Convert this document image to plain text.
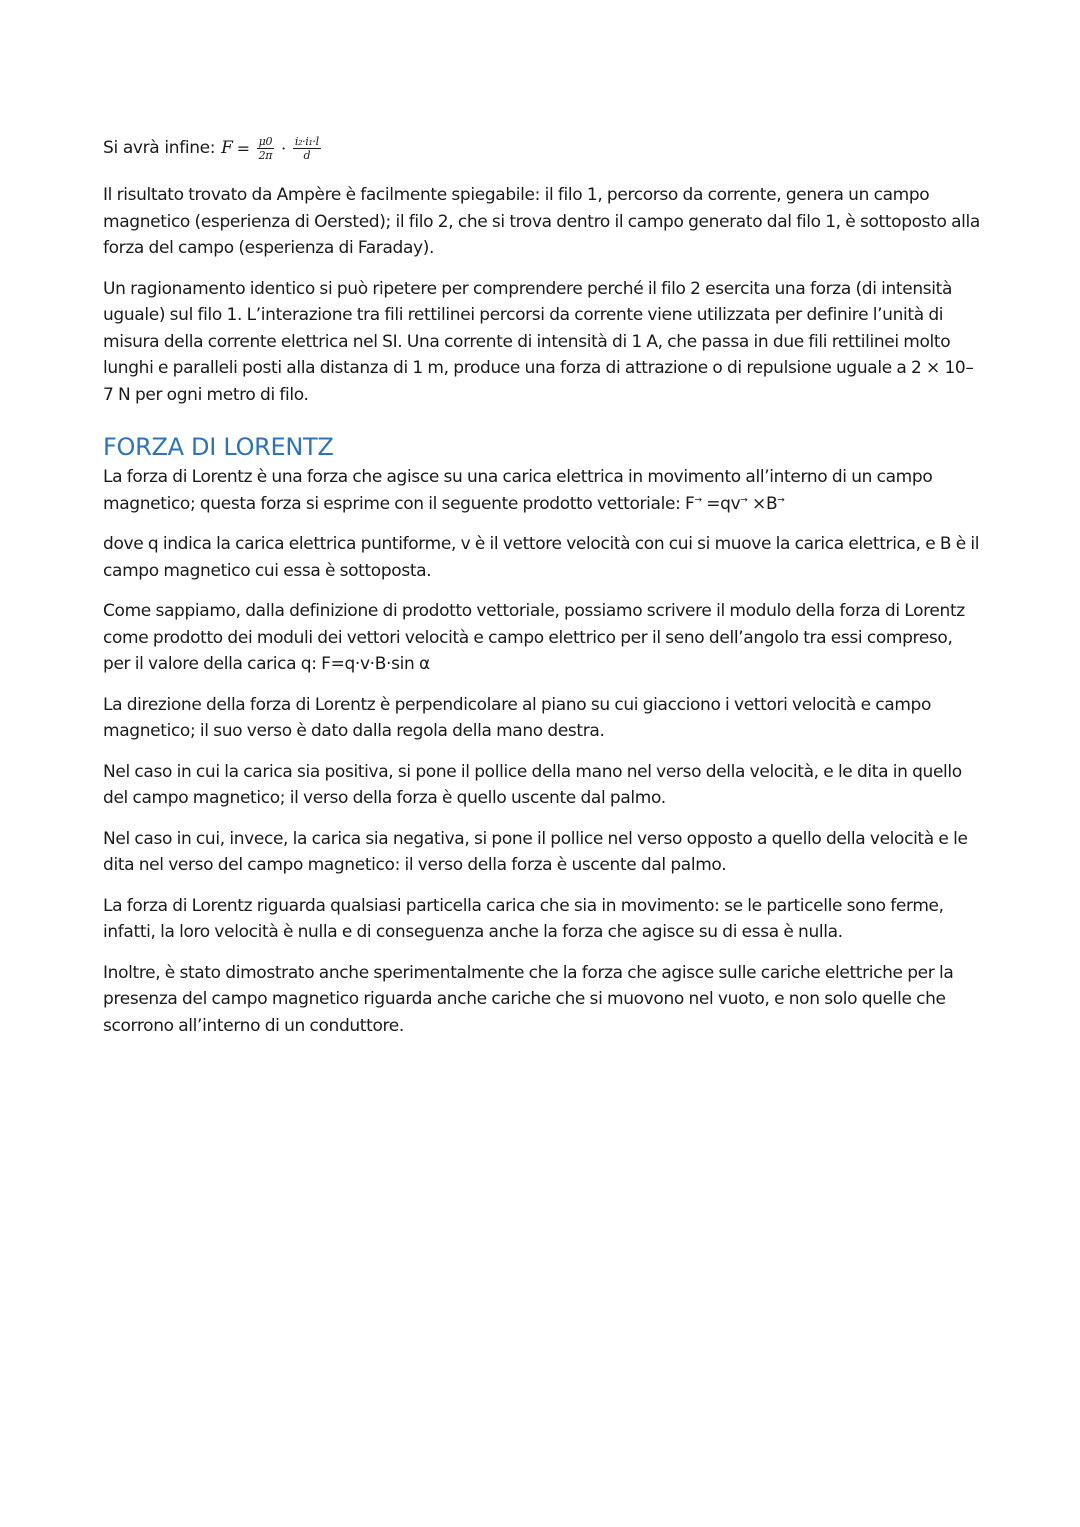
Si avrà infine: $F = \frac{\mu 0}{2\pi} \cdot \frac{\text{i₂·i₁·l}}{d}$

Il risultato trovato da Ampère è facilmente spiegabile: il filo 1, percorso da corrente, genera un campo magnetico (esperienza di Oersted); il filo 2, che si trova dentro il campo generato dal filo 1, è sottoposto alla forza del campo (esperienza di Faraday).

Un ragionamento identico si può ripetere per comprendere perché il filo 2 esercita una forza (di intensità uguale) sul filo 1. L’interazione tra fili rettilinei percorsi da corrente viene utilizzata per definire l’unità di misura della corrente elettrica nel SI. Una corrente di intensità di 1 A, che passa in due fili rettilinei molto lunghi e paralleli posti alla distanza di 1 m, produce una forza di attrazione o di repulsione uguale a 2 × 10–7 N per ogni metro di filo.

FORZA DI LORENTZ

La forza di Lorentz è una forza che agisce su una carica elettrica in movimento all’interno di un campo magnetico; questa forza si esprime con il seguente prodotto vettoriale: F→ =qv→ ×B→

dove q indica la carica elettrica puntiforme, v è il vettore velocità con cui si muove la carica elettrica, e B è il campo magnetico cui essa è sottoposta.

Come sappiamo, dalla definizione di prodotto vettoriale, possiamo scrivere il modulo della forza di Lorentz come prodotto dei moduli dei vettori velocità e campo elettrico per il seno dell’angolo tra essi compreso, per il valore della carica q: F=q·v·B·sin α

La direzione della forza di Lorentz è perpendicolare al piano su cui giacciono i vettori velocità e campo magnetico; il suo verso è dato dalla regola della mano destra.

Nel caso in cui la carica sia positiva, si pone il pollice della mano nel verso della velocità, e le dita in quello del campo magnetico; il verso della forza è quello uscente dal palmo.

Nel caso in cui, invece, la carica sia negativa, si pone il pollice nel verso opposto a quello della velocità e le dita nel verso del campo magnetico: il verso della forza è uscente dal palmo.

La forza di Lorentz riguarda qualsiasi particella carica che sia in movimento: se le particelle sono ferme, infatti, la loro velocità è nulla e di conseguenza anche la forza che agisce su di essa è nulla.

Inoltre, è stato dimostrato anche sperimentalmente che la forza che agisce sulle cariche elettriche per la presenza del campo magnetico riguarda anche cariche che si muovono nel vuoto, e non solo quelle che scorrono all’interno di un conduttore.
